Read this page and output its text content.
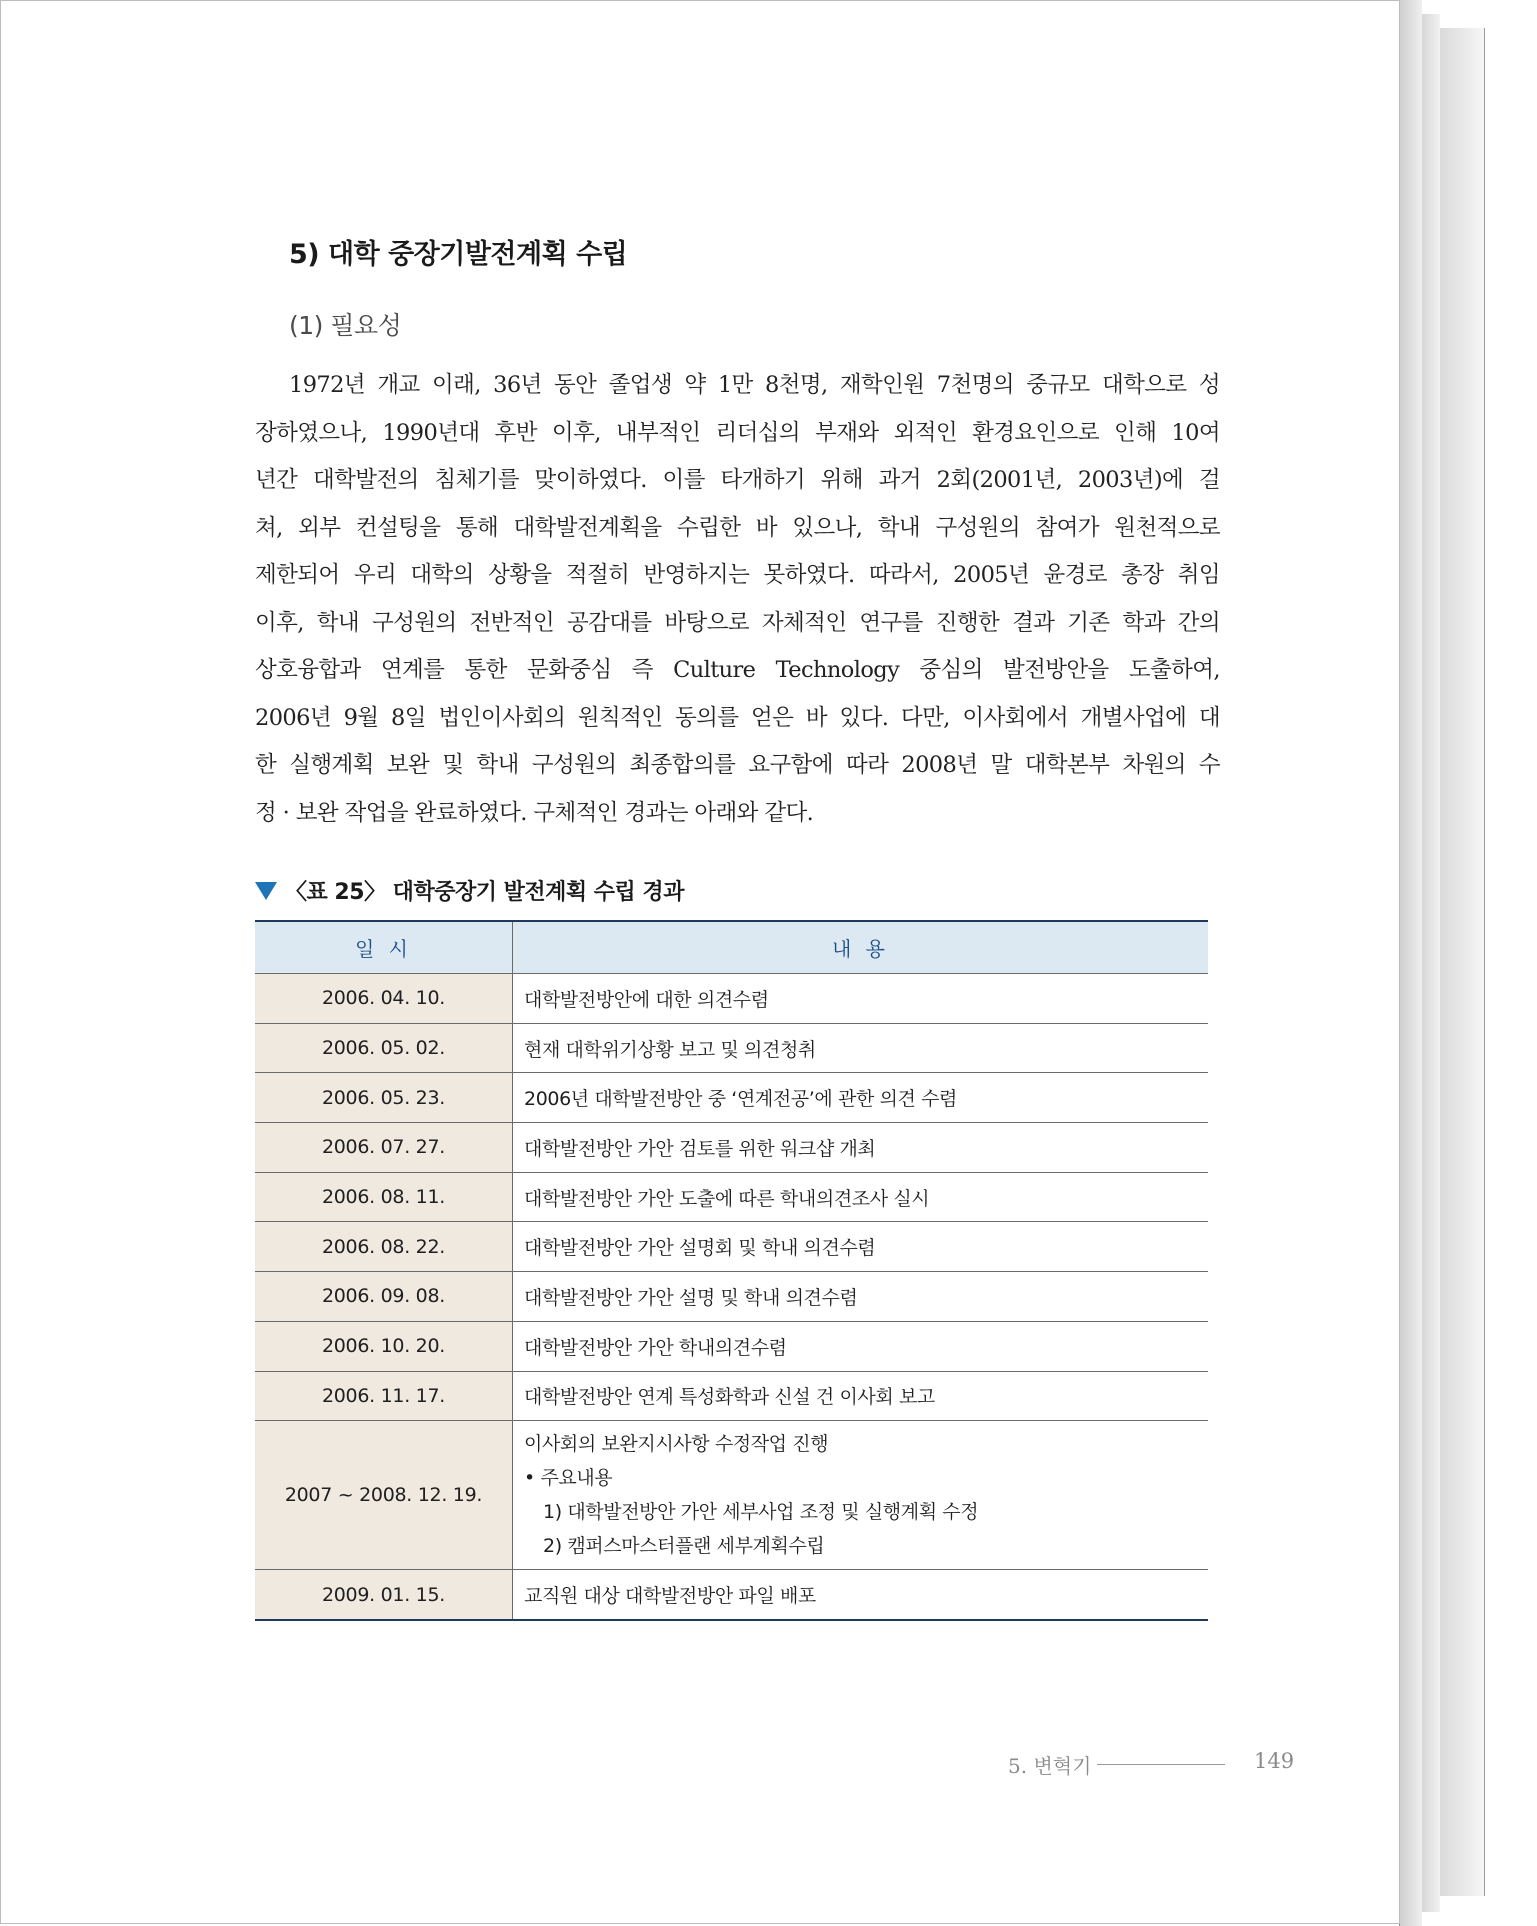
5) 대학 중장기발전계획 수립
(1) 필요성
1972년 개교 이래, 36년 동안 졸업생 약 1만 8천명, 재학인원 7천명의 중규모 대학으로 성
장하였으나, 1990년대 후반 이후, 내부적인 리더십의 부재와 외적인 환경요인으로 인해 10여
년간 대학발전의 침체기를 맞이하였다. 이를 타개하기 위해 과거 2회(2001년, 2003년)에 걸
쳐, 외부 컨설팅을 통해 대학발전계획을 수립한 바 있으나, 학내 구성원의 참여가 원천적으로
제한되어 우리 대학의 상황을 적절히 반영하지는 못하였다. 따라서, 2005년 윤경로 총장 취임
이후, 학내 구성원의 전반적인 공감대를 바탕으로 자체적인 연구를 진행한 결과 기존 학과 간의
상호융합과 연계를 통한 문화중심 즉 Culture Technology 중심의 발전방안을 도출하여,
2006년 9월 8일 법인이사회의 원칙적인 동의를 얻은 바 있다. 다만, 이사회에서 개별사업에 대
한 실행계획 보완 및 학내 구성원의 최종합의를 요구함에 따라 2008년 말 대학본부 차원의 수
정 · 보완 작업을 완료하였다. 구체적인 경과는 아래와 같다.
〈표 25〉 대학중장기 발전계획 수립 경과
일 시	내 용
2006. 04. 10.	대학발전방안에 대한 의견수렴
2006. 05. 02.	현재 대학위기상황 보고 및 의견청취
2006. 05. 23.	2006년 대학발전방안 중 ‘연계전공’에 관한 의견 수렴
2006. 07. 27.	대학발전방안 가안 검토를 위한 워크샵 개최
2006. 08. 11.	대학발전방안 가안 도출에 따른 학내의견조사 실시
2006. 08. 22.	대학발전방안 가안 설명회 및 학내 의견수렴
2006. 09. 08.	대학발전방안 가안 설명 및 학내 의견수렴
2006. 10. 20.	대학발전방안 가안 학내의견수렴
2006. 11. 17.	대학발전방안 연계 특성화학과 신설 건 이사회 보고
2007 ~ 2008. 12. 19.	이사회의 보완지시사항 수정작업 진행
• 주요내용
1) 대학발전방안 가안 세부사업 조정 및 실행계획 수정
2) 캠퍼스마스터플랜 세부계획수립

2009. 01. 15.	교직원 대상 대학발전방안 파일 배포
5. 변혁기	149
